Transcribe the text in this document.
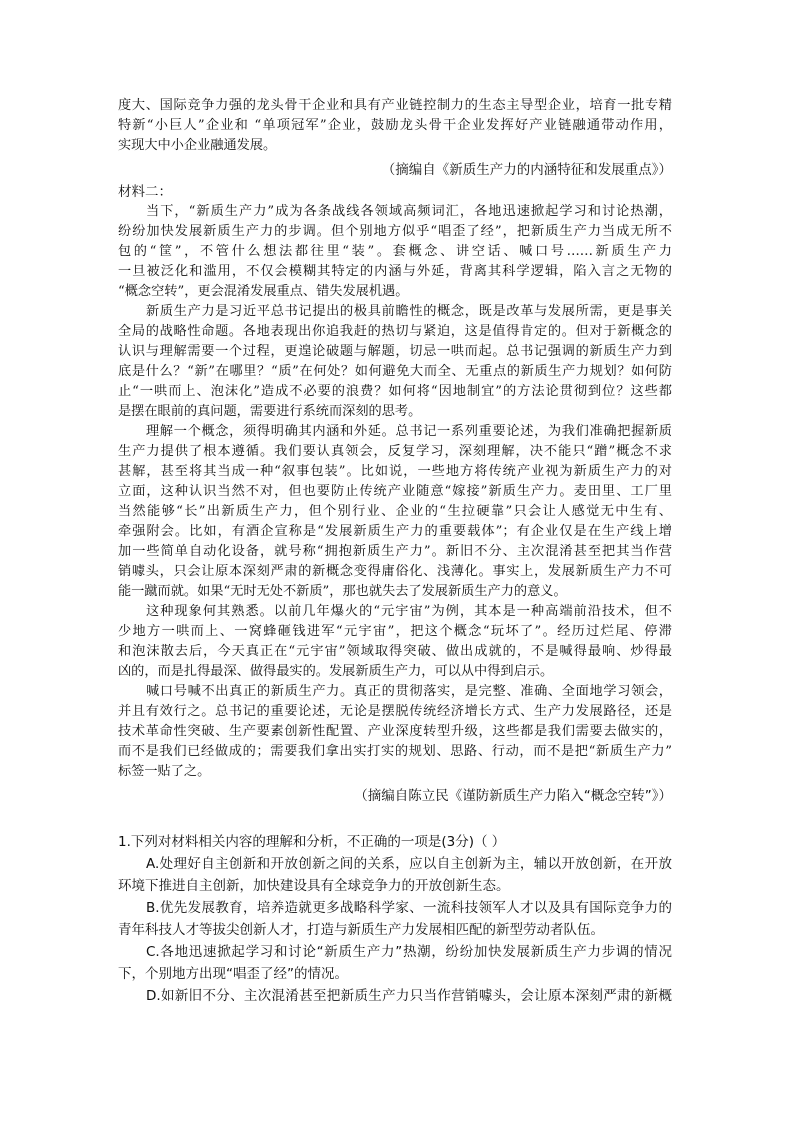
度大、国际竞争力强的龙头骨干企业和具有产业链控制力的生态主导型企业，培育一批专精
特新“小巨人”企业和 “单项冠军”企业，鼓励龙头骨干企业发挥好产业链融通带动作用，
实现大中小企业融通发展。
（摘编自《新质生产力的内涵特征和发展重点》）
材料二：
当下，“新质生产力”成为各条战线各领域高频词汇，各地迅速掀起学习和讨论热潮，
纷纷加快发展新质生产力的步调。但个别地方似乎“唱歪了经”，把新质生产力当成无所不
包的“筐”，不管什么想法都往里“装”。套概念、讲空话、喊口号……新质生产力
一旦被泛化和滥用，不仅会模糊其特定的内涵与外延，背离其科学逻辑，陷入言之无物的
“概念空转”，更会混淆发展重点、错失发展机遇。
新质生产力是习近平总书记提出的极具前瞻性的概念，既是改革与发展所需，更是事关
全局的战略性命题。各地表现出你追我赶的热切与紧迫，这是值得肯定的。但对于新概念的
认识与理解需要一个过程，更遑论破题与解题，切忌一哄而起。总书记强调的新质生产力到
底是什么？“新”在哪里？“质”在何处？如何避免大而全、无重点的新质生产力规划？如何防
止“一哄而上、泡沫化”造成不必要的浪费？如何将“因地制宜”的方法论贯彻到位？这些都
是摆在眼前的真问题，需要进行系统而深刻的思考。
理解一个概念，须得明确其内涵和外延。总书记一系列重要论述，为我们准确把握新质
生产力提供了根本遵循。我们要认真领会，反复学习，深刻理解，决不能只“蹭”概念不求
甚解，甚至将其当成一种“叙事包装”。比如说，一些地方将传统产业视为新质生产力的对
立面，这种认识当然不对，但也要防止传统产业随意“嫁接”新质生产力。麦田里、工厂里
当然能够“长”出新质生产力，但个别行业、企业的“生拉硬靠”只会让人感觉无中生有、
牵强附会。比如，有酒企宣称是“发展新质生产力的重要载体”；有企业仅是在生产线上增
加一些简单自动化设备，就号称“拥抱新质生产力”。新旧不分、主次混淆甚至把其当作营
销噱头，只会让原本深刻严肃的新概念变得庸俗化、浅薄化。事实上，发展新质生产力不可
能一蹴而就。如果“无时无处不新质”，那也就失去了发展新质生产力的意义。
这种现象何其熟悉。以前几年爆火的“元宇宙”为例，其本是一种高端前沿技术，但不
少地方一哄而上、一窝蜂砸钱进军“元宇宙”，把这个概念“玩坏了”。经历过烂尾、停滞
和泡沫散去后，今天真正在“元宇宙”领域取得突破、做出成就的，不是喊得最响、炒得最
凶的，而是扎得最深、做得最实的。发展新质生产力，可以从中得到启示。
喊口号喊不出真正的新质生产力。真正的贯彻落实，是完整、准确、全面地学习领会，
并且有效行之。总书记的重要论述，无论是摆脱传统经济增长方式、生产力发展路径，还是
技术革命性突破、生产要素创新性配置、产业深度转型升级，这些都是我们需要去做实的，
而不是我们已经做成的；需要我们拿出实打实的规划、思路、行动，而不是把“新质生产力”
标签一贴了之。
（摘编自陈立民《谨防新质生产力陷入“概念空转”》）
1.下列对材料相关内容的理解和分析，不正确的一项是(3分)（ ）
A.处理好自主创新和开放创新之间的关系，应以自主创新为主，辅以开放创新，在开放
环境下推进自主创新，加快建设具有全球竞争力的开放创新生态。
B.优先发展教育，培养造就更多战略科学家、一流科技领军人才以及具有国际竞争力的
青年科技人才等拔尖创新人才，打造与新质生产力发展相匹配的新型劳动者队伍。
C.各地迅速掀起学习和讨论“新质生产力”热潮，纷纷加快发展新质生产力步调的情况
下，个别地方出现“唱歪了经”的情况。
D.如新旧不分、主次混淆甚至把新质生产力只当作营销噱头，会让原本深刻严肃的新概
